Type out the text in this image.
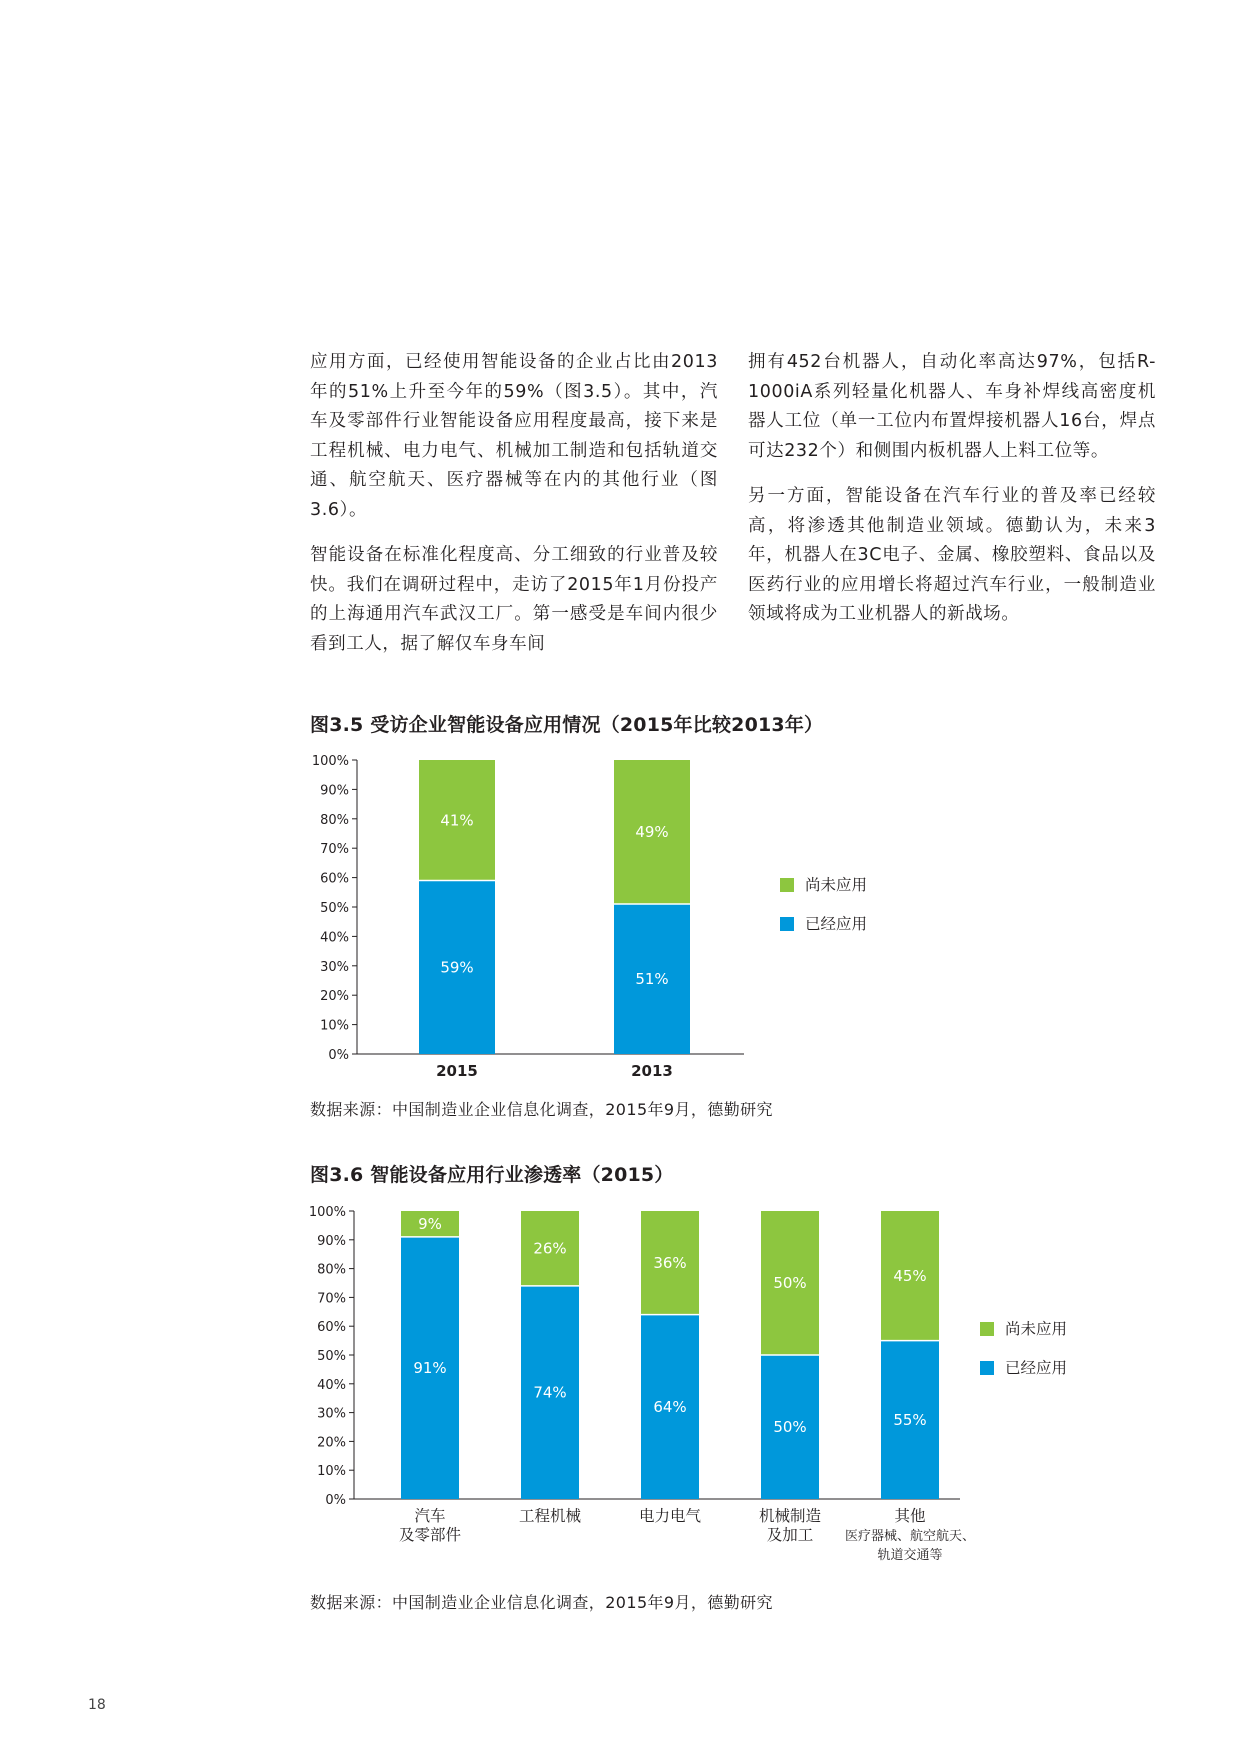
应用方面，已经使用智能设备的企业占比由2013年的51%上升至今年的59%（图3.5）。其中，汽车及零部件行业智能设备应用程度最高，接下来是工程机械、电力电气、机械加工制造和包括轨道交通、航空航天、医疗器械等在内的其他行业（图3.6）。

智能设备在标准化程度高、分工细致的行业普及较快。我们在调研过程中，走访了2015年1月份投产的上海通用汽车武汉工厂。第一感受是车间内很少看到工人，据了解仅车身车间

拥有452台机器人，自动化率高达97%，包括R-1000iA系列轻量化机器人、车身补焊线高密度机器人工位（单一工位内布置焊接机器人16台，焊点可达232个）和侧围内板机器人上料工位等。

另一方面，智能设备在汽车行业的普及率已经较高，将渗透其他制造业领域。德勤认为，未来3年，机器人在3C电子、金属、橡胶塑料、食品以及医药行业的应用增长将超过汽车行业，一般制造业领域将成为工业机器人的新战场。

图3.5 受访企业智能设备应用情况（2015年比较2013年）

100%
90%
80%
70%
60%
50%
40%
30%
20%
10%
0%
59%
41%
2015
51%
49%
2013
尚未应用
已经应用

数据来源：中国制造业企业信息化调查，2015年9月，德勤研究

图3.6 智能设备应用行业渗透率（2015）

100%
90%
80%
70%
60%
50%
40%
30%
20%
10%
0%
91%
9%
汽车
及零部件
74%
26%
工程机械
64%
36%
电力电气
50%
50%
机械制造
及加工
55%
45%
其他
医疗器械、航空航天、
轨道交通等
尚未应用
已经应用

数据来源：中国制造业企业信息化调查，2015年9月，德勤研究

18
